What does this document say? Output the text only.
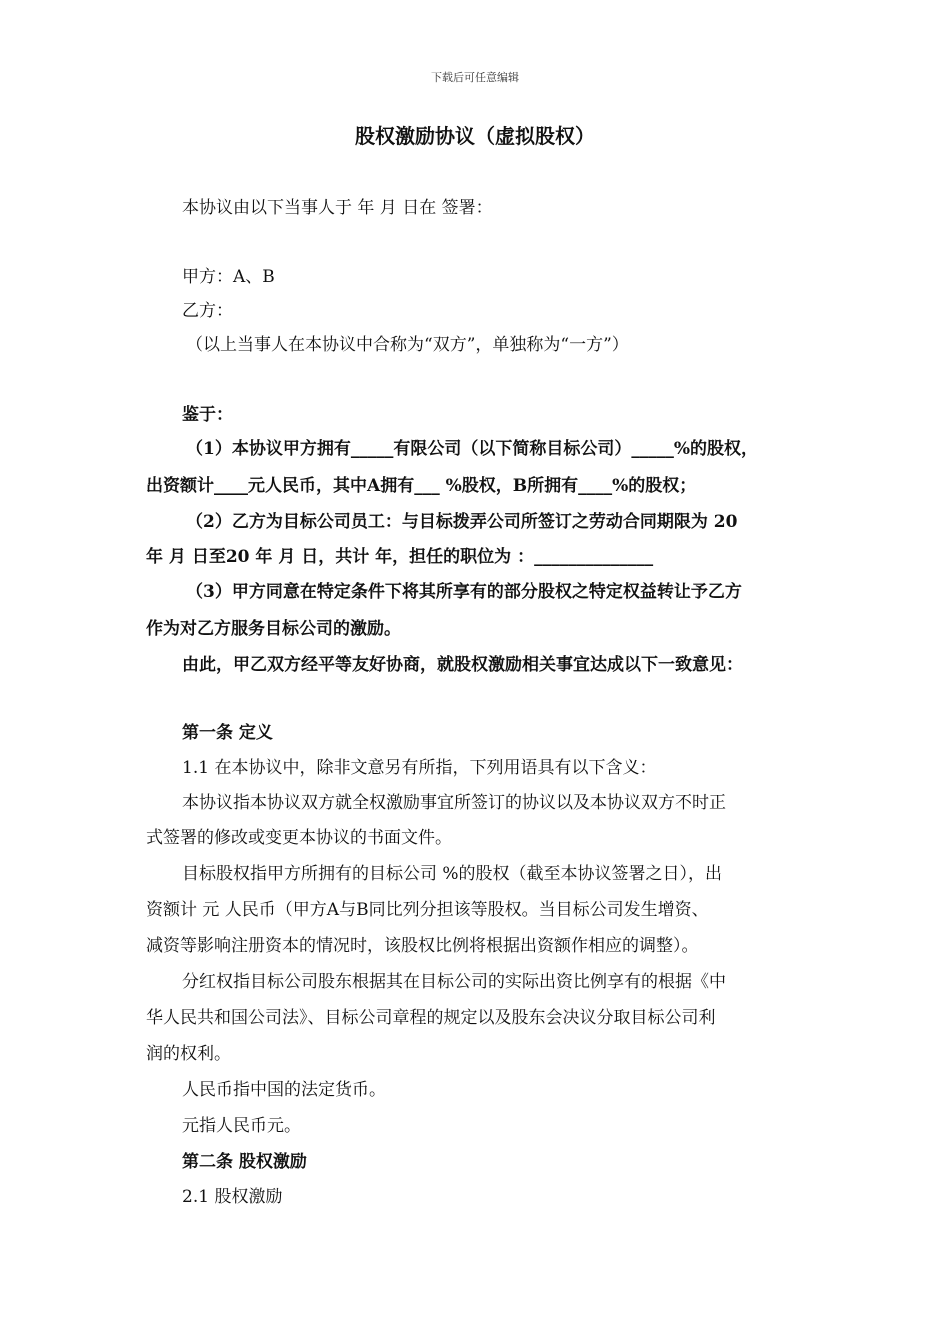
下载后可任意编辑
股权激励协议（虚拟股权）
本协议由以下当事人于 年 月 日在 签署：
甲方：A、B
乙方：
（以上当事人在本协议中合称为“双方”，单独称为“一方”）
鉴于：
（1）本协议甲方拥有_____有限公司（以下简称目标公司）_____%的股权，
出资额计____元人民币，其中A拥有___ %股权，B所拥有____%的股权；
（2）乙方为目标公司员工：与目标拨弄公司所签订之劳动合同期限为 20
年 月 日至20 年 月 日，共计 年，担任的职位为 ：______________
（3）甲方同意在特定条件下将其所享有的部分股权之特定权益转让予乙方
作为对乙方服务目标公司的激励。
由此，甲乙双方经平等友好协商，就股权激励相关事宜达成以下一致意见：
第一条 定义
1.1 在本协议中，除非文意另有所指，下列用语具有以下含义：
本协议指本协议双方就全权激励事宜所签订的协议以及本协议双方不时正
式签署的修改或变更本协议的书面文件。
目标股权指甲方所拥有的目标公司 %的股权（截至本协议签署之日），出
资额计 元 人民币（甲方A与B同比列分担该等股权。当目标公司发生增资、
减资等影响注册资本的情况时，该股权比例将根据出资额作相应的调整）。
分红权指目标公司股东根据其在目标公司的实际出资比例享有的根据《中
华人民共和国公司法》、目标公司章程的规定以及股东会决议分取目标公司利
润的权利。
人民币指中国的法定货币。
元指人民币元。
第二条 股权激励
2.1 股权激励
